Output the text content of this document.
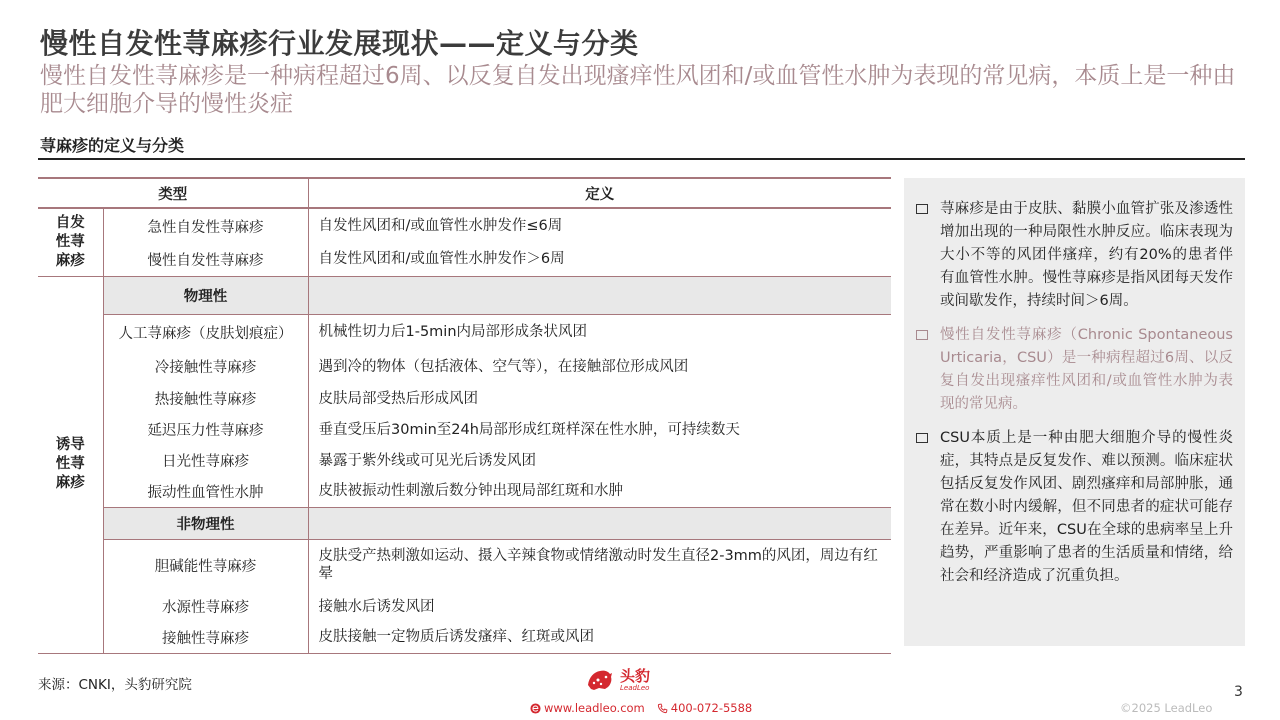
慢性自发性荨麻疹行业发展现状——定义与分类
慢性自发性荨麻疹是一种病程超过6周、以反复自发出现瘙痒性风团和/或血管性水肿为表现的常见病，本质上是一种由肥大细胞介导的慢性炎症
荨麻疹的定义与分类
类型		定义

自发性荨麻疹	急性自发性荨麻疹	自发性风团和/或血管性水肿发作≤6周
	慢性自发性荨麻疹	自发性风团和/或血管性水肿发作＞6周

诱导性荨麻疹	物理性	
	人工荨麻疹（皮肤划痕症）	机械性切力后1-5min内局部形成条状风团
	冷接触性荨麻疹	遇到冷的物体（包括液体、空气等），在接触部位形成风团
	热接触性荨麻疹	皮肤局部受热后形成风团
	延迟压力性荨麻疹	垂直受压后30min至24h局部形成红斑样深在性水肿，可持续数天
	日光性荨麻疹	暴露于紫外线或可见光后诱发风团
	振动性血管性水肿	皮肤被振动性刺激后数分钟出现局部红斑和水肿
	非物理性	
	胆碱能性荨麻疹	皮肤受产热刺激如运动、摄入辛辣食物或情绪激动时发生直径2-3mm的风团，周边有红晕
	水源性荨麻疹	接触水后诱发风团
	接触性荨麻疹	皮肤接触一定物质后诱发瘙痒、红斑或风团
荨麻疹是由于皮肤、黏膜小血管扩张及渗透性增加出现的一种局限性水肿反应。临床表现为大小不等的风团伴瘙痒，约有20%的患者伴有血管性水肿。慢性荨麻疹是指风团每天发作或间歇发作，持续时间＞6周。
慢性自发性荨麻疹（Chronic Spontaneous Urticaria，CSU）是一种病程超过6周、以反复自发出现瘙痒性风团和/或血管性水肿为表现的常见病。
CSU本质上是一种由肥大细胞介导的慢性炎症，其特点是反复发作、难以预测。临床症状包括反复发作风团、剧烈瘙痒和局部肿胀，通常在数小时内缓解，但不同患者的症状可能存在差异。近年来，CSU在全球的患病率呈上升趋势，严重影响了患者的生活质量和情绪，给社会和经济造成了沉重负担。
来源：CNKI，头豹研究院
头豹
LeadLeo
www.leadleo.com 400-072-5588
3
©2025 LeadLeo
